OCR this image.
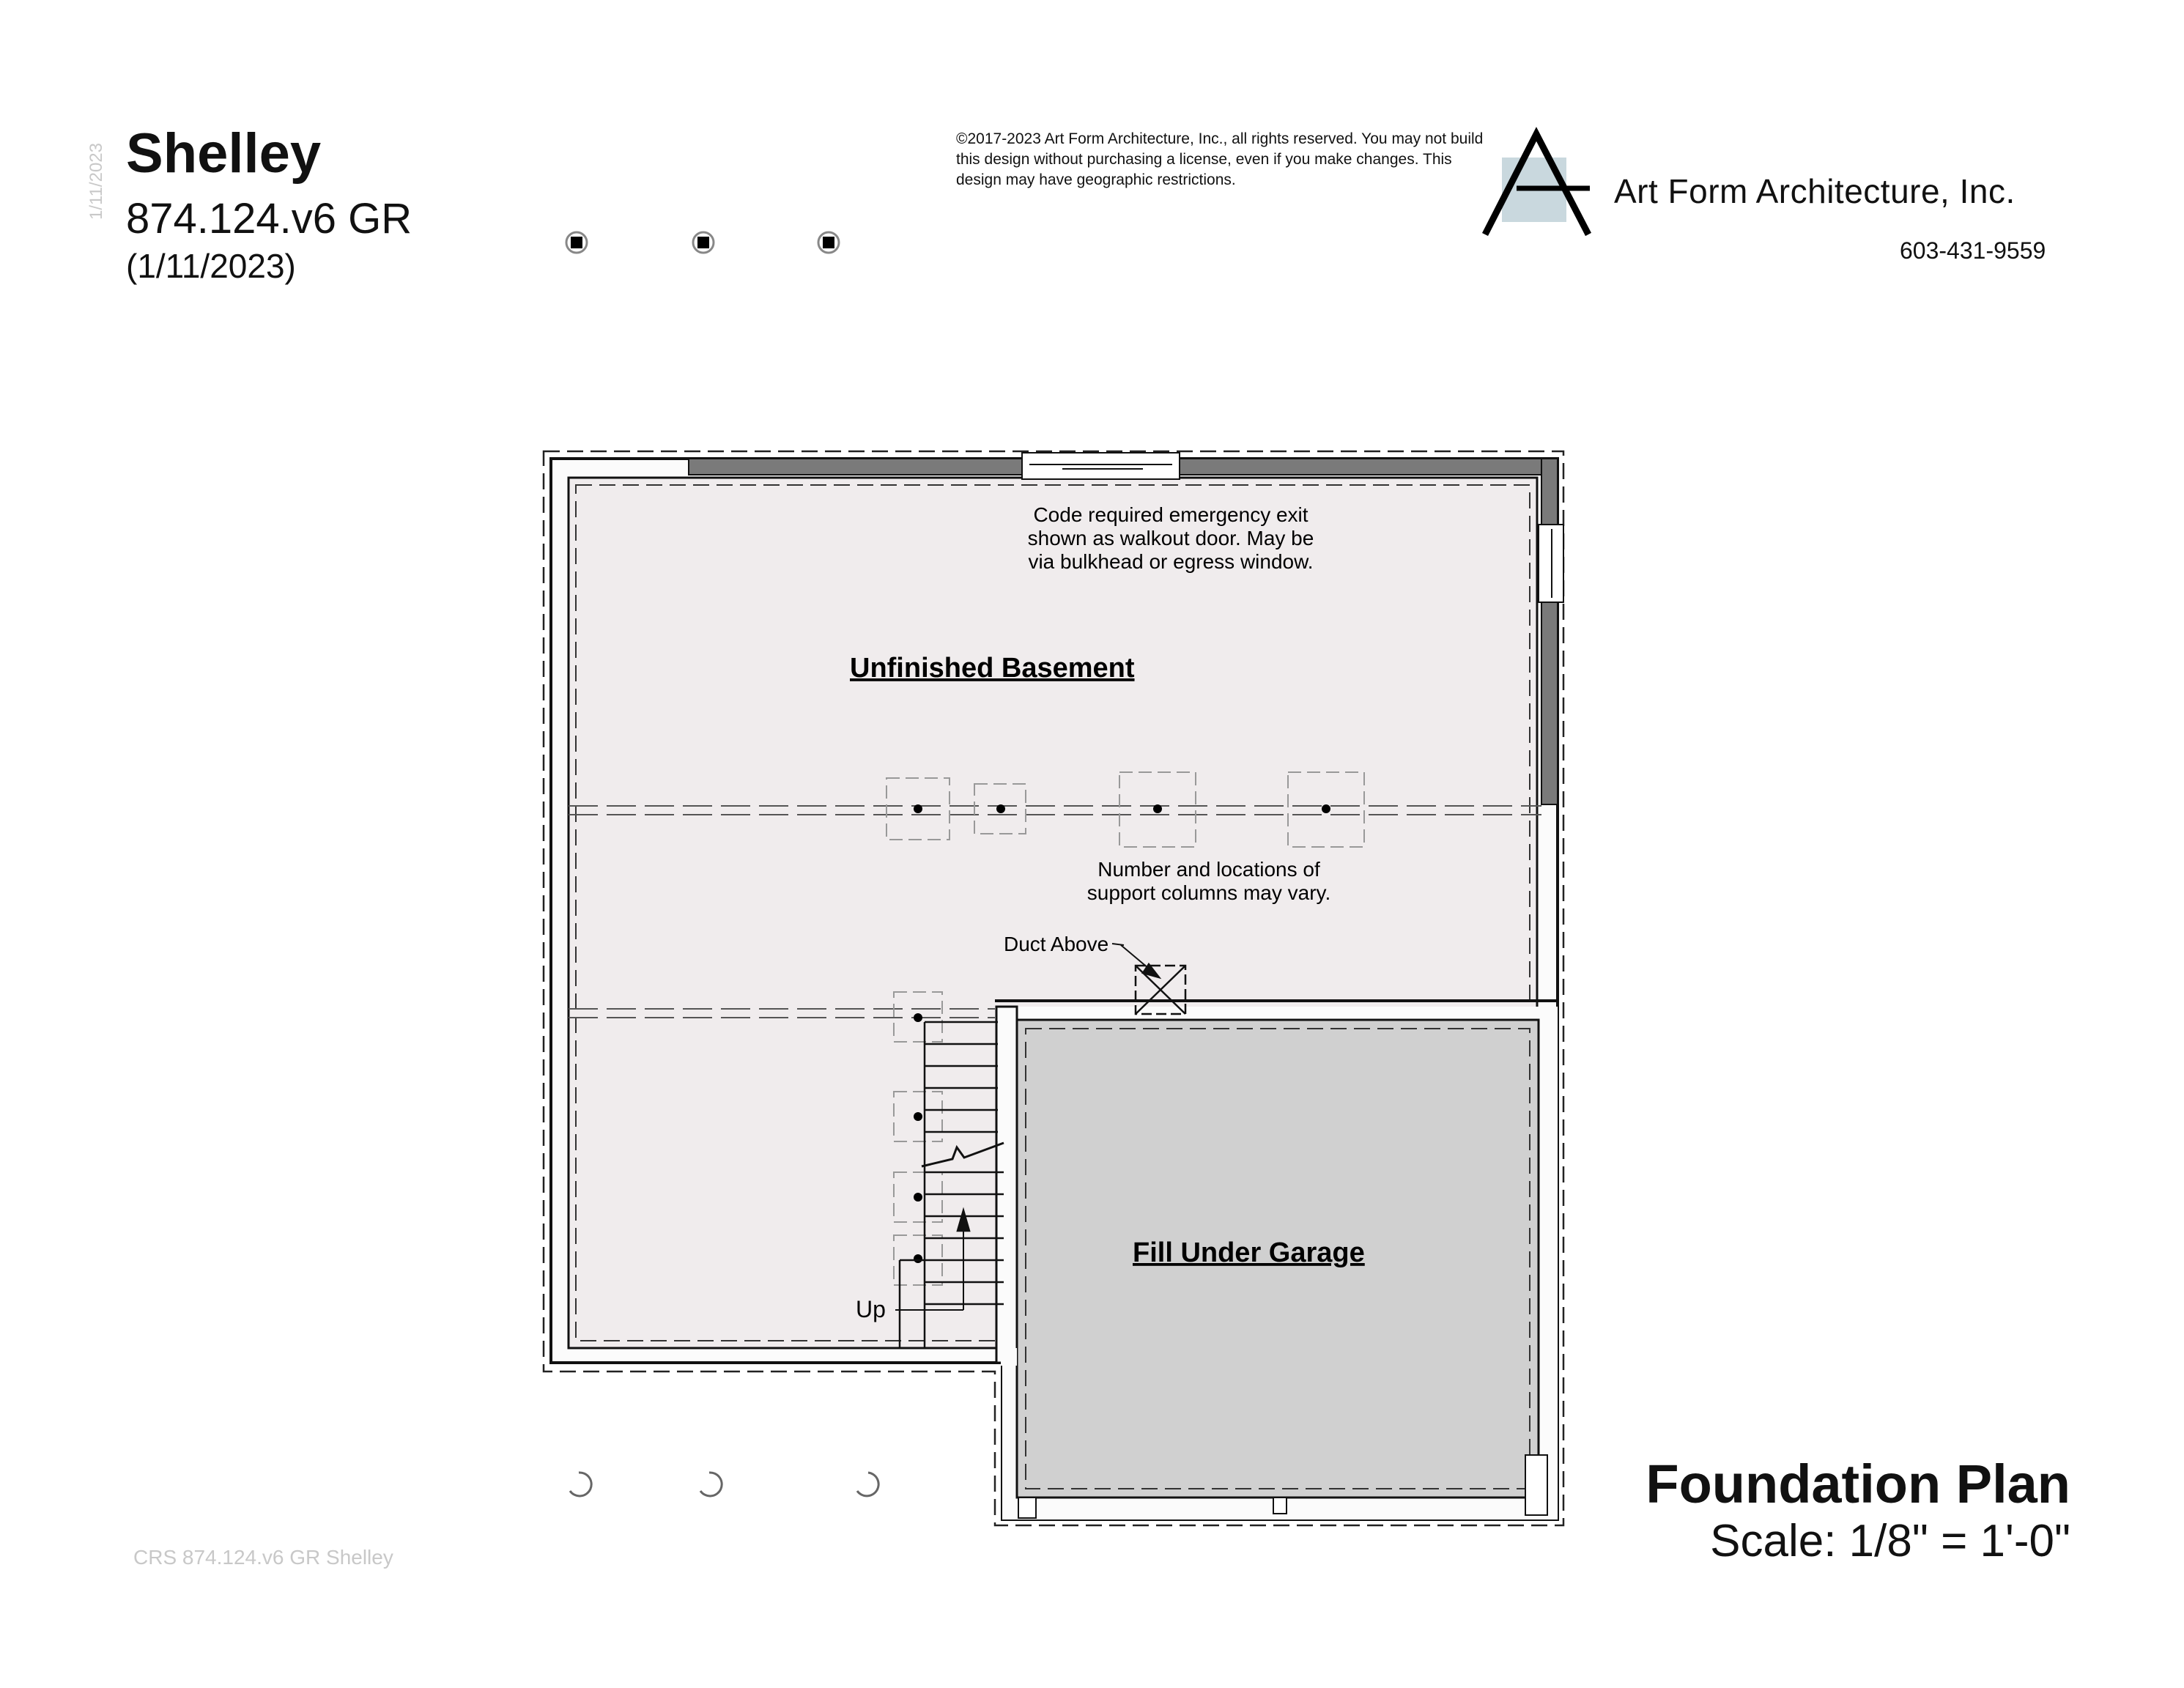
1/11/2023 Shelley
874.124.v6 GR
(1/11/2023)
©2017-2023 Art Form Architecture, Inc., all rights reserved. You may not build this design without purchasing a license, even if you make changes. This design may have geographic restrictions.
Code required emergency exit
shown as walkout door. May be
via bulkhead or egress window.
Unfinished Basement
Number and locations of
support columns may vary.
Duct Above
Up
Fill Under Garage
Art Form Architecture, Inc.
603-431-9559
Foundation Plan
Scale: 1/8" = 1'-0"
CRS 874.124.v6 GR Shelley
